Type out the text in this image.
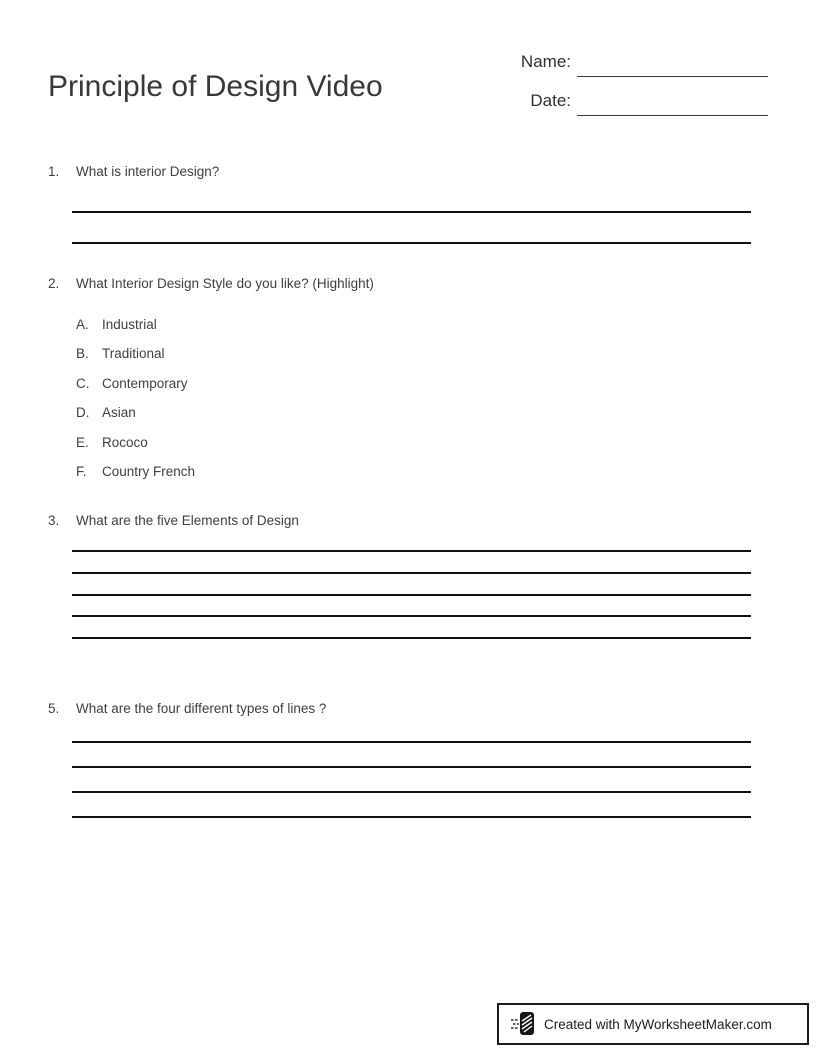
Principle of Design Video
Name:
Date:
1.	What is interior Design?
2.	What Interior Design Style do you like? (Highlight)
A. Industrial
B. Traditional
C. Contemporary
D. Asian
E. Rococo
F.	Country French
3.	What are the five Elements of Design
5.	What are the four different types of lines ?
Created with MyWorksheetMaker.com
